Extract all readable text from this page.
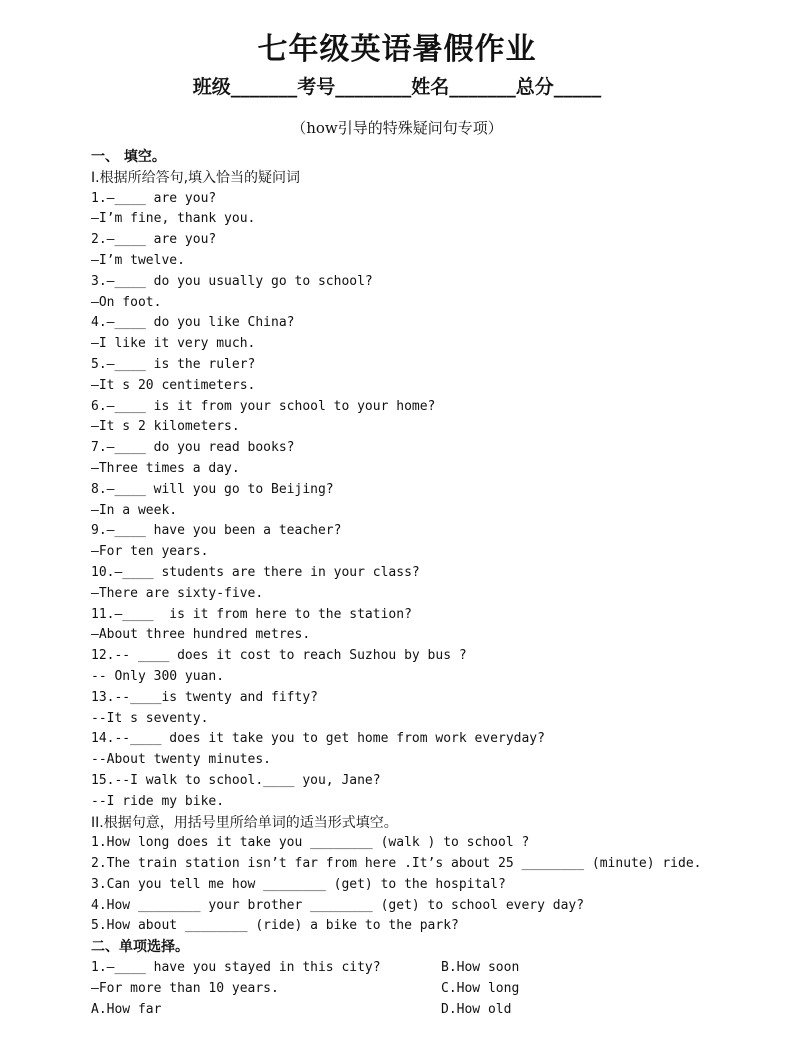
七年级英语暑假作业
班级_______考号________姓名_______总分_____
（how引导的特殊疑问句专项）
一、 填空。
I.根据所给答句,填入恰当的疑问词
1.—____ are you?
—I’m fine, thank you.
2.—____ are you?
—I’m twelve.
3.—____ do you usually go to school?
—On foot.
4.—____ do you like China?
—I like it very much.
5.—____ is the ruler?
—It s 20 centimeters.
6.—____ is it from your school to your home?
—It s 2 kilometers.
7.—____ do you read books?
—Three times a day.
8.—____ will you go to Beijing?
—In a week.
9.—____ have you been a teacher?
—For ten years.
10.—____ students are there in your class?
—There are sixty-five.
11.—____  is it from here to the station?
—About three hundred metres.
12.-- ____ does it cost to reach Suzhou by bus ?
-- Only 300 yuan.
13.--____is twenty and fifty?
--It s seventy.
14.--____ does it take you to get home from work everyday?
--About twenty minutes.
15.--I walk to school.____ you, Jane?
--I ride my bike.
II.根据句意，用括号里所给单词的适当形式填空。
1.How long does it take you ________ (walk ) to school ?
2.The train station isn’t far from here .It’s about 25 ________ (minute) ride.
3.Can you tell me how ________ (get) to the hospital?
4.How ________ your brother ________ (get) to school every day?
5.How about ________ (ride) a bike to the park?
二、单项选择。
1.—____ have you stayed in this city?	B.How soon
—For more than 10 years.	C.How long
A.How far	D.How old
